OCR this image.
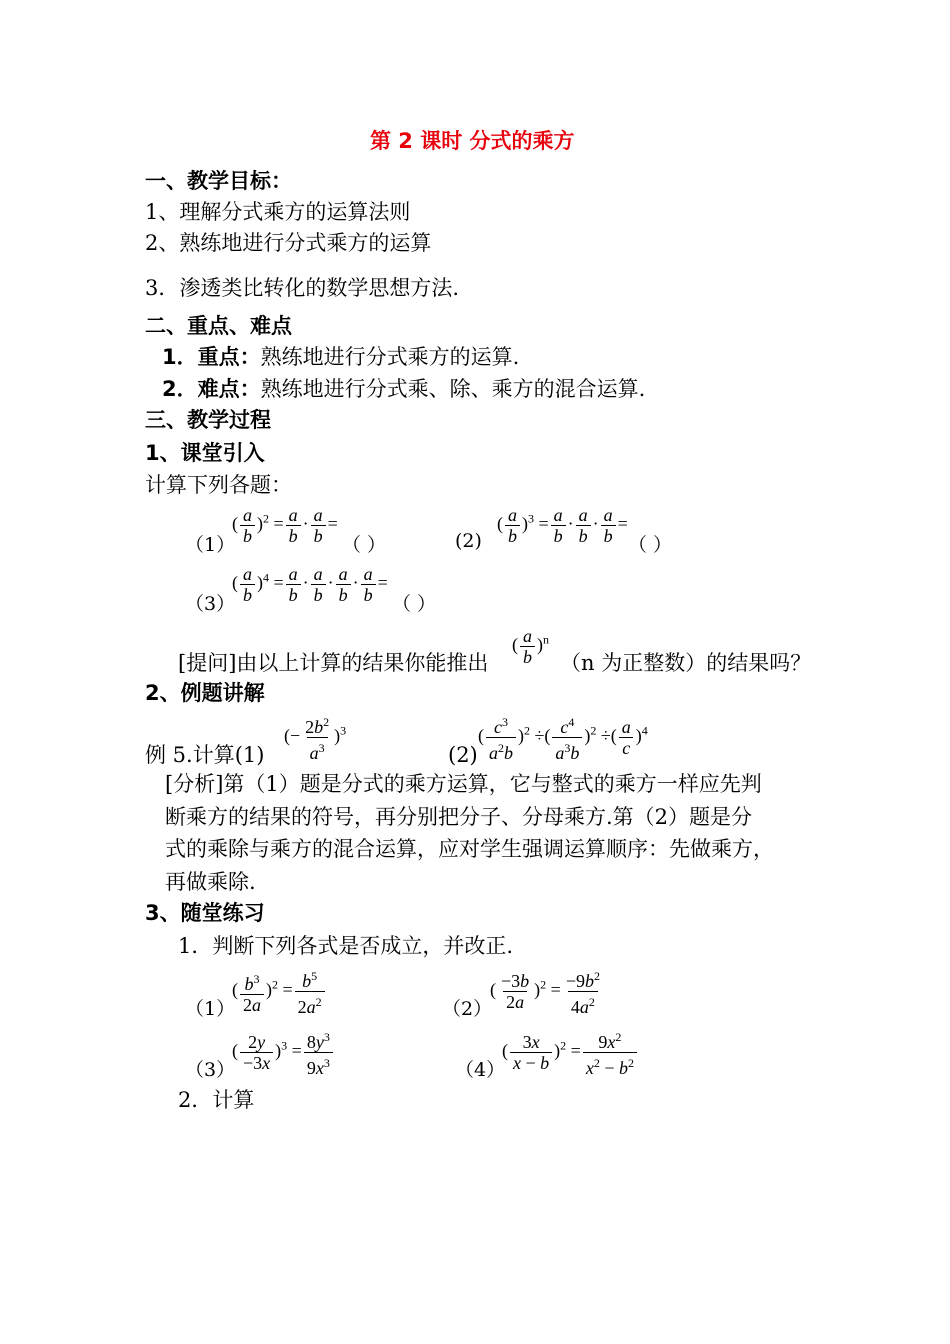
第 2 课时 分式的乘方
一、教学目标：
1、理解分式乘方的运算法则
2、熟练地进行分式乘方的运算
3．渗透类比转化的数学思想方法.
二、重点、难点
1．重点：熟练地进行分式乘方的运算.
2．难点：熟练地进行分式乘、除、乘方的混合运算.
三、教学过程
1、课堂引入
计算下列各题：
（1）
( $\frac{a}{b} )^2 = \frac{a}{b} \cdot \frac{a}{b}$ =
（ ）	(2)
( $\frac{a}{b} )^3 = \frac{a}{b} \cdot \frac{a}{b} \cdot \frac{a}{b}$ =
（ ）
（3）
( $\frac{a}{b} )^4 = \frac{a}{b} \cdot \frac{a}{b} \cdot \frac{a}{b} \cdot \frac{a}{b}$ =
（ ）
[提问]由以上计算的结果你能推出
( $\frac{a}{b} )^n$
（n 为正整数）的结果吗？
2、例题讲解
例 5.计算(1)
(− $\frac{2b^2}{a^3} )^3$
(2)
( $\frac{c^3}{a^2b} )^2$ ÷( $\frac{c^4}{a^3b} )^2$ ÷( $\frac{a}{c} )^4$
[分析]第（1）题是分式的乘方运算，它与整式的乘方一样应先判
断乘方的结果的符号，再分别把分子、分母乘方.第（2）题是分
式的乘除与乘方的混合运算，应对学生强调运算顺序：先做乘方，
再做乘除.
3、随堂练习
1．判断下列各式是否成立，并改正.
（1）
( $\frac{b^3}{2a} )^2 = \frac{b^5}{2a^2}$	（2）
( $\frac{-3b}{2a} )^2 = \frac{-9b^2}{4a^2}$
（3）
( $\frac{2y}{-3x} )^3 = \frac{8y^3}{9x^3}$	（4）
( $\frac{3x}{x - b} )^2 = \frac{9x^2}{x^2 - b^2}$
2．计算
